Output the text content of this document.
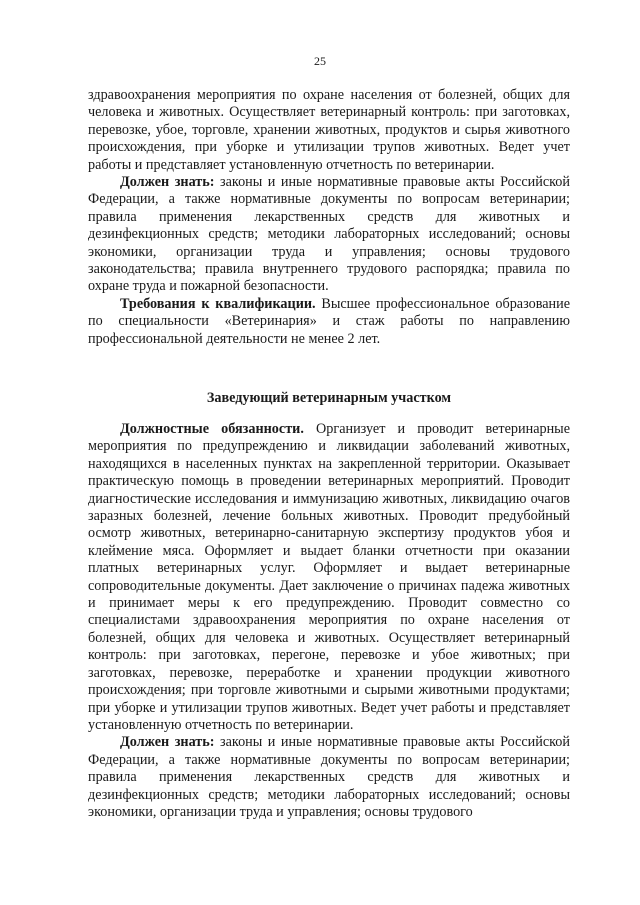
25

здравоохранения мероприятия по охране населения от болезней, общих для человека и животных. Осуществляет ветеринарный контроль: при заготовках, перевозке, убое, торговле, хранении животных, продуктов и сырья животного происхождения, при уборке и утилизации трупов животных. Ведет учет работы и представляет установленную отчетность по ветеринарии.

Должен знать: законы и иные нормативные правовые акты Российской Федерации, а также нормативные документы по вопросам ветеринарии; правила применения лекарственных средств для животных и дезинфекционных средств; методики лабораторных исследований; основы экономики, организации труда и управления; основы трудового законодательства; правила внутреннего трудового распорядка; правила по охране труда и пожарной безопасности.

Требования к квалификации. Высшее профессиональное образование по специальности «Ветеринария» и стаж работы по направлению профессиональной деятельности не менее 2 лет.

Заведующий ветеринарным участком

Должностные обязанности. Организует и проводит ветеринарные мероприятия по предупреждению и ликвидации заболеваний животных, находящихся в населенных пунктах на закрепленной территории. Оказывает практическую помощь в проведении ветеринарных мероприятий. Проводит диагностические исследования и иммунизацию животных, ликвидацию очагов заразных болезней, лечение больных животных. Проводит предубойный осмотр животных, ветеринарно-санитарную экспертизу продуктов убоя и клеймение мяса. Оформляет и выдает бланки отчетности при оказании платных ветеринарных услуг. Оформляет и выдает ветеринарные сопроводительные документы. Дает заключение о причинах падежа животных и принимает меры к его предупреждению. Проводит совместно со специалистами здравоохранения мероприятия по охране населения от болезней, общих для человека и животных. Осуществляет ветеринарный контроль: при заготовках, перегоне, перевозке и убое животных; при заготовках, перевозке, переработке и хранении продукции животного происхождения; при торговле животными и сырыми животными продуктами; при уборке и утилизации трупов животных. Ведет учет работы и представляет установленную отчетность по ветеринарии.

Должен знать: законы и иные нормативные правовые акты Российской Федерации, а также нормативные документы по вопросам ветеринарии; правила применения лекарственных средств для животных и дезинфекционных средств; методики лабораторных исследований; основы экономики, организации труда и управления; основы трудового
